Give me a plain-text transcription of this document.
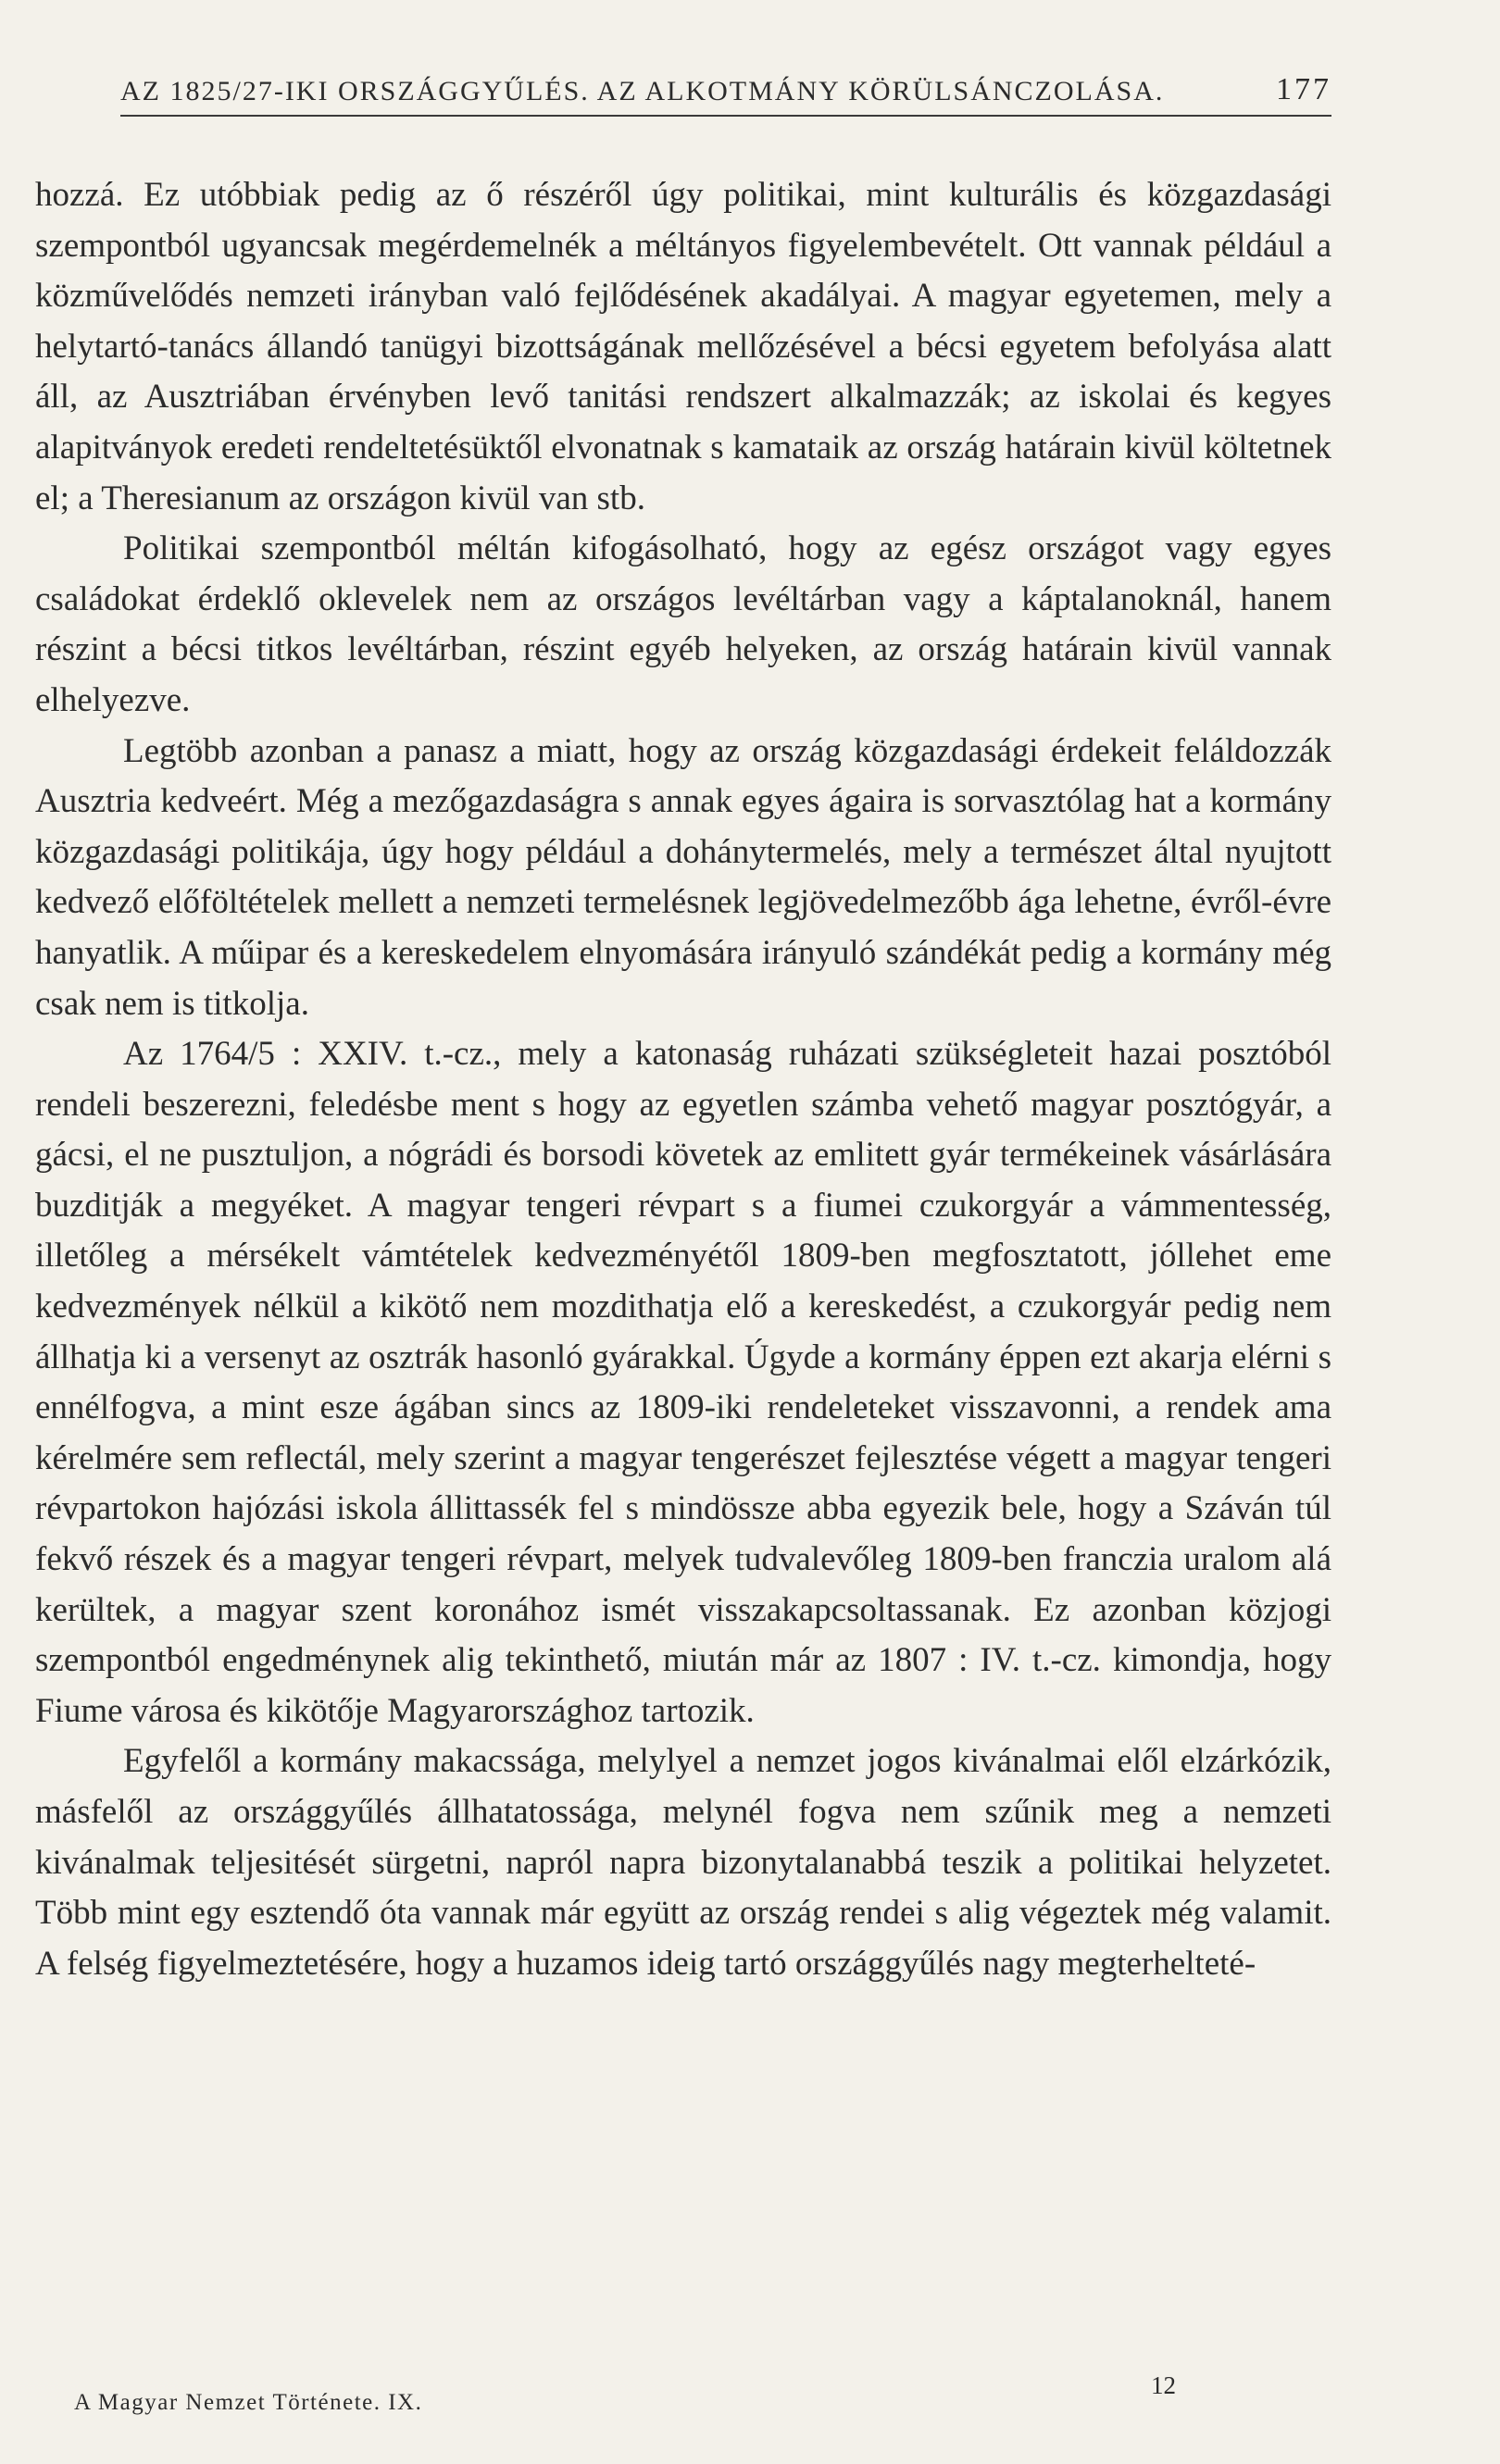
AZ 1825/27-IKI ORSZÁGGYŰLÉS. AZ ALKOTMÁNY KÖRÜLSÁNCZOLÁSA.	177

hozzá. Ez utóbbiak pedig az ő részéről úgy politikai, mint kulturális és közgazdasági szempontból ugyancsak megérdemelnék a méltányos figyelembevételt. Ott vannak például a közművelődés nemzeti irányban való fejlődésének akadályai. A magyar egyetemen, mely a helytartó-tanács állandó tanügyi bizottságának mellőzésével a bécsi egyetem befolyása alatt áll, az Ausztriában érvényben levő tanitási rendszert alkalmazzák; az iskolai és kegyes alapitványok eredeti rendeltetésüktől elvonatnak s kamataik az ország határain kivül költetnek el; a Theresianum az országon kivül van stb.

Politikai szempontból méltán kifogásolható, hogy az egész országot vagy egyes családokat érdeklő oklevelek nem az országos levéltárban vagy a káptalanoknál, hanem részint a bécsi titkos levéltárban, részint egyéb helyeken, az ország határain kivül vannak elhelyezve.

Legtöbb azonban a panasz a miatt, hogy az ország közgazdasági érdekeit feláldozzák Ausztria kedveért. Még a mezőgazdaságra s annak egyes ágaira is sorvasztólag hat a kormány közgazdasági politikája, úgy hogy például a dohánytermelés, mely a természet által nyujtott kedvező előföltételek mellett a nemzeti termelésnek legjövedelmezőbb ága lehetne, évről-évre hanyatlik. A műipar és a kereskedelem elnyomására irányuló szándékát pedig a kormány még csak nem is titkolja.

Az 1764/5 : XXIV. t.-cz., mely a katonaság ruházati szükségleteit hazai posztóból rendeli beszerezni, feledésbe ment s hogy az egyetlen számba vehető magyar posztógyár, a gácsi, el ne pusztuljon, a nógrádi és borsodi követek az emlitett gyár termékeinek vásárlására buzditják a megyéket. A magyar tengeri révpart s a fiumei czukorgyár a vámmentesség, illetőleg a mérsékelt vámtételek kedvezményétől 1809-ben megfosztatott, jóllehet eme kedvezmények nélkül a kikötő nem mozdithatja elő a kereskedést, a czukorgyár pedig nem állhatja ki a versenyt az osztrák hasonló gyárakkal. Úgyde a kormány éppen ezt akarja elérni s ennélfogva, a mint esze ágában sincs az 1809-iki rendeleteket visszavonni, a rendek ama kérelmére sem reflectál, mely szerint a magyar tengerészet fejlesztése végett a magyar tengeri révpartokon hajózási iskola állittassék fel s mindössze abba egyezik bele, hogy a Száván túl fekvő részek és a magyar tengeri révpart, melyek tudvalevőleg 1809-ben franczia uralom alá kerültek, a magyar szent koronához ismét visszakapcsoltassanak. Ez azonban közjogi szempontból engedménynek alig tekinthető, miután már az 1807 : IV. t.-cz. kimondja, hogy Fiume városa és kikötője Magyarországhoz tartozik.

Egyfelől a kormány makacssága, melylyel a nemzet jogos kivánalmai elől elzárkózik, másfelől az országgyűlés állhatatossága, melynél fogva nem szűnik meg a nemzeti kivánalmak teljesitését sürgetni, napról napra bizonytalanabbá teszik a politikai helyzetet. Több mint egy esztendő óta vannak már együtt az ország rendei s alig végeztek még valamit. A felség figyelmeztetésére, hogy a huzamos ideig tartó országgyűlés nagy megterhelteté-

A Magyar Nemzet Története. IX.
12
